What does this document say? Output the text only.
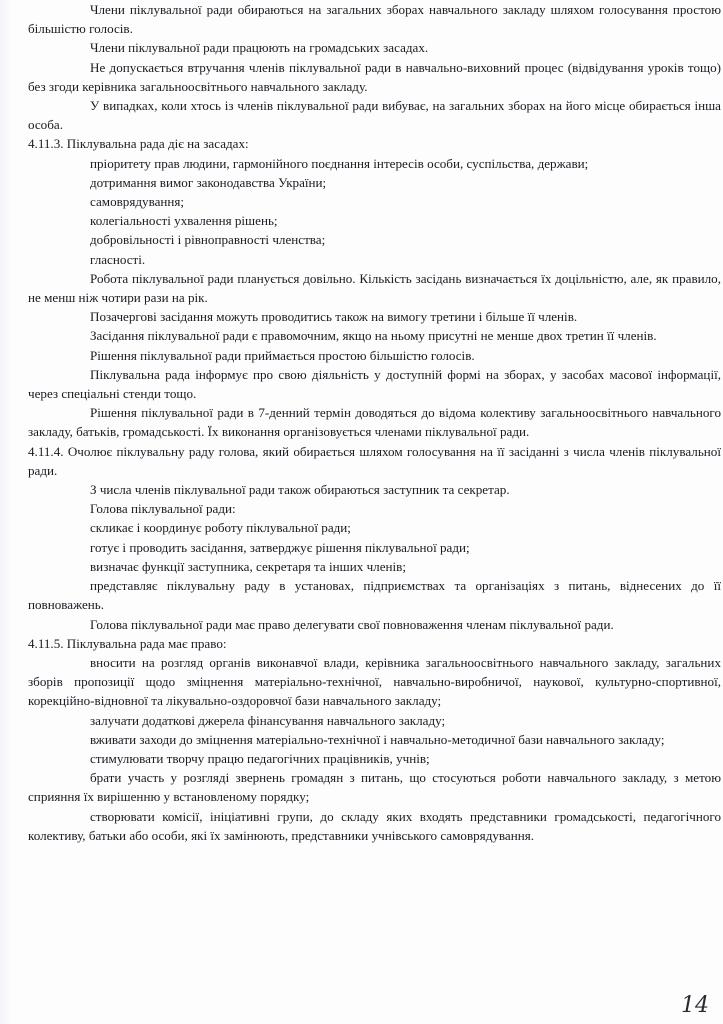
Члени піклувальної ради обираються на загальних зборах навчального закладу шляхом голосування простою більшістю голосів.

Члени піклувальної ради працюють на громадських засадах.

Не допускається втручання членів піклувальної ради в навчально-виховний процес (відвідування уроків тощо) без згоди керівника загальноосвітнього навчального закладу.

У випадках, коли хтось із членів піклувальної ради вибуває, на загальних зборах на його місце обирається інша особа.

4.11.3. Піклувальна рада діє на засадах:

пріоритету прав людини, гармонійного поєднання інтересів особи, суспільства, держави;

дотримання вимог законодавства України;

самоврядування;

колегіальності ухвалення рішень;

добровільності і рівноправності членства;

гласності.

Робота піклувальної ради планується довільно. Кількість засідань визначається їх доцільністю, але, як правило, не менш ніж чотири рази на рік.

Позачергові засідання можуть проводитись також на вимогу третини і більше її членів.

Засідання піклувальної ради є правомочним, якщо на ньому присутні не менше двох третин її членів.

Рішення піклувальної ради приймається простою більшістю голосів.

Піклувальна рада інформує про свою діяльність у доступній формі на зборах, у засобах масової інформації, через спеціальні стенди тощо.

Рішення піклувальної ради в 7-денний термін доводяться до відома колективу загальноосвітнього навчального закладу, батьків, громадськості. Їх виконання організовується членами піклувальної ради.

4.11.4. Очолює піклувальну раду голова, який обирається шляхом голосування на її засіданні з числа членів піклувальної ради.

З числа членів піклувальної ради також обираються заступник та секретар.

Голова піклувальної ради:

скликає і координує роботу піклувальної ради;

готує і проводить засідання, затверджує рішення піклувальної ради;

визначає функції заступника, секретаря та інших членів;

представляє піклувальну раду в установах, підприємствах та організаціях з питань, віднесених до її повноважень.

Голова піклувальної ради має право делегувати свої повноваження членам піклувальної ради.

4.11.5. Піклувальна рада має право:

вносити на розгляд органів виконавчої влади, керівника загальноосвітнього навчального закладу, загальних зборів пропозиції щодо зміцнення матеріально-технічної, навчально-виробничої, наукової, культурно-спортивної, корекційно-відновної та лікувально-оздоровчої бази навчального закладу;

залучати додаткові джерела фінансування навчального закладу;

вживати заходи до зміцнення матеріально-технічної і навчально-методичної бази навчального закладу;

стимулювати творчу працю педагогічних працівників, учнів;

брати участь у розгляді звернень громадян з питань, що стосуються роботи навчального закладу, з метою сприяння їх вирішенню у встановленому порядку;

створювати комісії, ініціативні групи, до складу яких входять представники громадськості, педагогічного колективу, батьки або особи, які їх замінюють, представники учнівського самоврядування.

14
